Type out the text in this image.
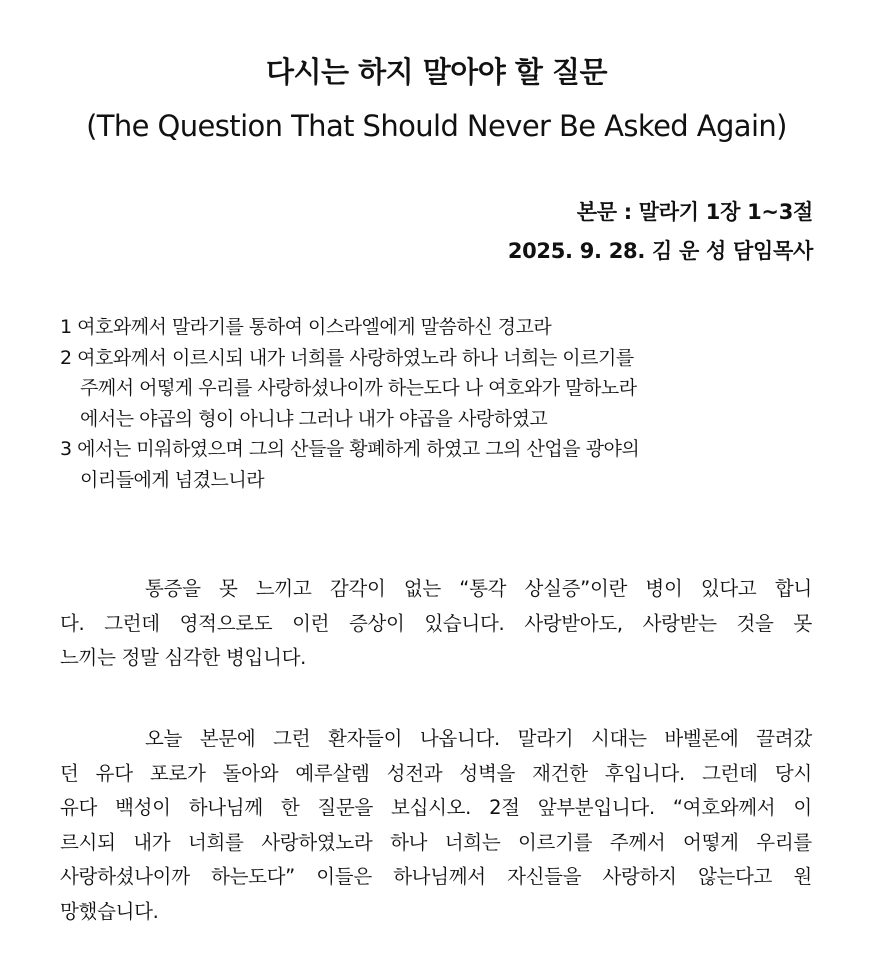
다시는 하지 말아야 할 질문
(The Question That Should Never Be Asked Again)
본문 : 말라기 1장 1~3절
2025. 9. 28. 김 운 성 담임목사
1 여호와께서 말라기를 통하여 이스라엘에게 말씀하신 경고라
2 여호와께서 이르시되 내가 너희를 사랑하였노라 하나 너희는 이르기를
주께서 어떻게 우리를 사랑하셨나이까 하는도다 나 여호와가 말하노라
에서는 야곱의 형이 아니냐 그러나 내가 야곱을 사랑하였고
3 에서는 미워하였으며 그의 산들을 황폐하게 하였고 그의 산업을 광야의
이리들에게 넘겼느니라
통증을 못 느끼고 감각이 없는 “통각 상실증”이란 병이 있다고 합니
다. 그런데 영적으로도 이런 증상이 있습니다. 사랑받아도, 사랑받는 것을 못
느끼는 정말 심각한 병입니다.
오늘 본문에 그런 환자들이 나옵니다. 말라기 시대는 바벨론에 끌려갔
던 유다 포로가 돌아와 예루살렘 성전과 성벽을 재건한 후입니다. 그런데 당시
유다 백성이 하나님께 한 질문을 보십시오. 2절 앞부분입니다. “여호와께서 이
르시되 내가 너희를 사랑하였노라 하나 너희는 이르기를 주께서 어떻게 우리를
사랑하셨나이까 하는도다” 이들은 하나님께서 자신들을 사랑하지 않는다고 원
망했습니다.
